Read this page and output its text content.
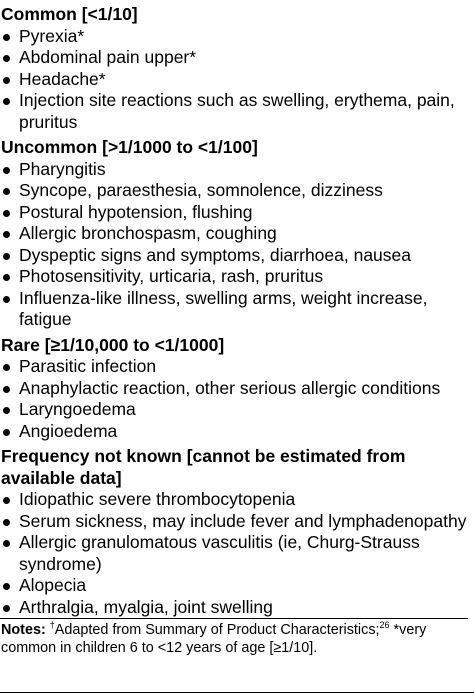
Common [<1/10]
Pyrexia*
Abdominal pain upper*
Headache*
Injection site reactions such as swelling, erythema, pain, pruritus
Uncommon [>1/1000 to <1/100]
Pharyngitis
Syncope, paraesthesia, somnolence, dizziness
Postural hypotension, flushing
Allergic bronchospasm, coughing
Dyspeptic signs and symptoms, diarrhoea, nausea
Photosensitivity, urticaria, rash, pruritus
Influenza-like illness, swelling arms, weight increase, fatigue
Rare [≥1/10,000 to <1/1000]
Parasitic infection
Anaphylactic reaction, other serious allergic conditions
Laryngoedema
Angioedema
Frequency not known [cannot be estimated from available data]
Idiopathic severe thrombocytopenia
Serum sickness, may include fever and lymphadenopathy
Allergic granulomatous vasculitis (ie, Churg-Strauss syndrome)
Alopecia
Arthralgia, myalgia, joint swelling
Notes: †Adapted from Summary of Product Characteristics;$^{26}$ *very common in children 6 to <12 years of age [≥1/10].
